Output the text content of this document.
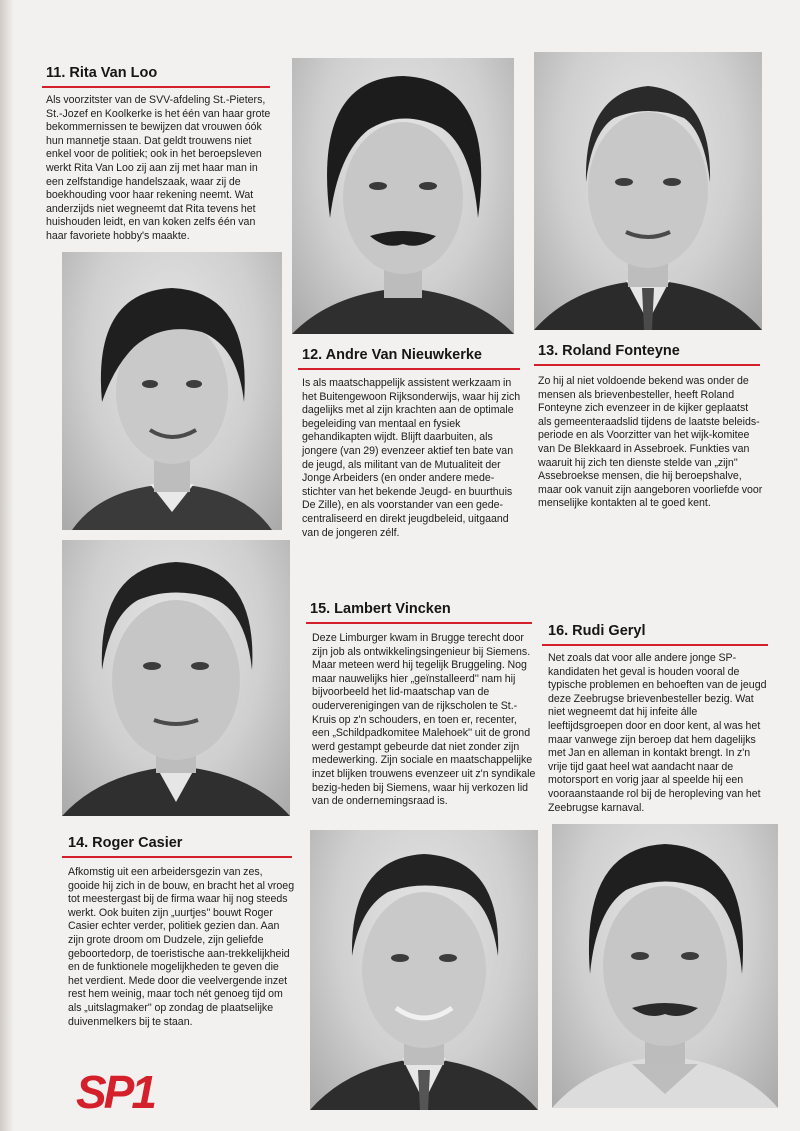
11. Rita Van Loo

Als voorzitster van de SVV-afdeling St.-Pieters, St.-Jozef en Koolkerke is het één van haar grote bekommernissen te bewijzen dat vrouwen óók hun mannetje staan. Dat geldt trouwens niet enkel voor de politiek; ook in het beroepsleven werkt Rita Van Loo zij aan zij met haar man in een zelfstandige handelszaak, waar zij de boekhouding voor haar rekening neemt. Wat anderzijds niet wegneemt dat Rita tevens het huishouden leidt, en van koken zelfs één van haar favoriete hobby's maakte.

12. Andre Van Nieuwkerke

Is als maatschappelijk assistent werkzaam in het Buitengewoon Rijksonderwijs, waar hij zich dagelijks met al zijn krachten aan de optimale begeleiding van mentaal en fysiek gehandikapten wijdt. Blijft daarbuiten, als jongere (van 29) evenzeer aktief ten bate van de jeugd, als militant van de Mutualiteit der Jonge Arbeiders (en onder andere mede-stichter van het bekende Jeugd- en buurthuis De Zille), en als voorstander van een gede-centraliseerd en direkt jeugdbeleid, uitgaand van de jongeren zélf.

13. Roland Fonteyne

Zo hij al niet voldoende bekend was onder de mensen als brievenbesteller, heeft Roland Fonteyne zich evenzeer in de kijker geplaatst als gemeenteraadslid tijdens de laatste beleids-periode en als Voorzitter van het wijk-komitee van De Blekkaard in Assebroek. Funkties van waaruit hij zich ten dienste stelde van „zijn'' Assebroekse mensen, die hij beroepshalve, maar ook vanuit zijn aangeboren voorliefde voor menselijke kontakten al te goed kent.

14. Roger Casier

Afkomstig uit een arbeidersgezin van zes, gooide hij zich in de bouw, en bracht het al vroeg tot meestergast bij de firma waar hij nog steeds werkt. Ook buiten zijn „uurtjes'' bouwt Roger Casier echter verder, politiek gezien dan. Aan zijn grote droom om Dudzele, zijn geliefde geboortedorp, de toeristische aan-trekkelijkheid en de funktionele mogelijkheden te geven die het verdient. Mede door die veelvergende inzet rest hem weinig, maar toch nét genoeg tijd om als „uitslagmaker'' op zondag de plaatselijke duivenmelkers bij te staan.

15. Lambert Vincken

Deze Limburger kwam in Brugge terecht door zijn job als ontwikkelingsingenieur bij Siemens. Maar meteen werd hij tegelijk Bruggeling. Nog maar nauwelijks hier „geïnstalleerd'' nam hij bijvoorbeeld het lid-maatschap van de ouderverenigingen van de rijkscholen te St.-Kruis op z'n schouders, en toen er, recenter, een „Schildpadkomitee Malehoek'' uit de grond werd gestampt gebeurde dat niet zonder zijn medewerking. Zijn sociale en maatschappelijke inzet blijken trouwens evenzeer uit z'n syndikale bezig-heden bij Siemens, waar hij verkozen lid van de ondernemingsraad is.

16. Rudi Geryl

Net zoals dat voor alle andere jonge SP-kandidaten het geval is houden vooral de typische problemen en behoeften van de jeugd deze Zeebrugse brievenbesteller bezig. Wat niet wegneemt dat hij infeite álle leeftijdsgroepen door en door kent, al was het maar vanwege zijn beroep dat hem dagelijks met Jan en alleman in kontakt brengt. In z'n vrije tijd gaat heel wat aandacht naar de motorsport en vorig jaar al speelde hij een vooraanstaande rol bij de heropleving van het Zeebrugse karnaval.

SP1
